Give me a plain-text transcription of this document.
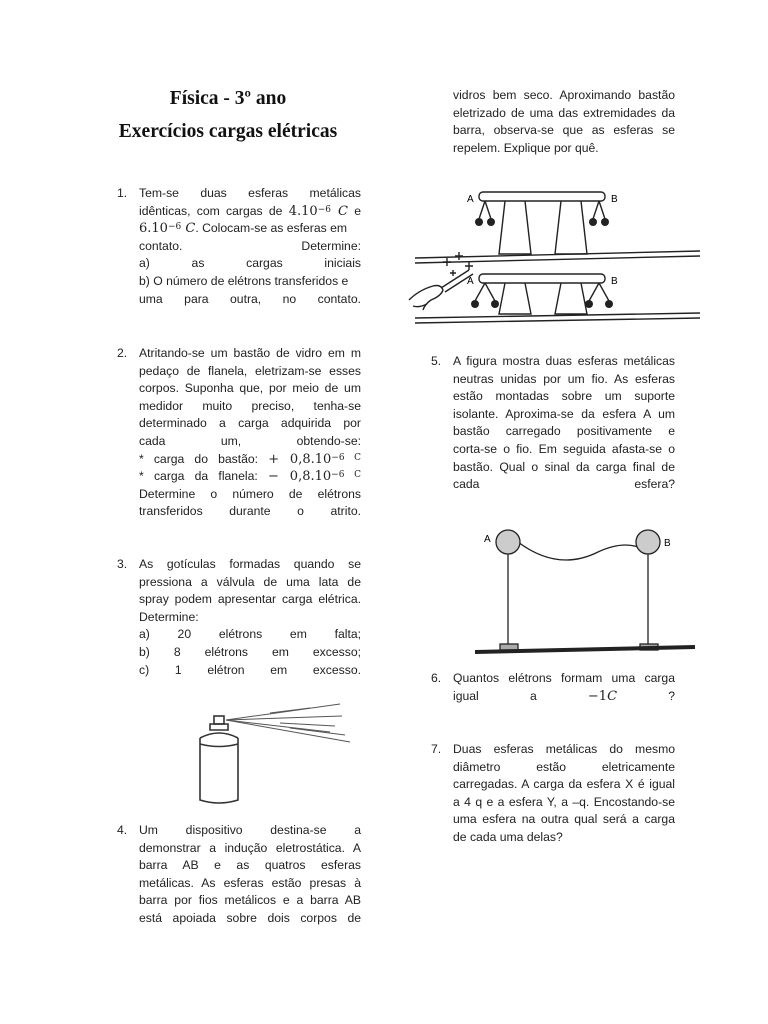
Física - 3º ano
Exercícios cargas elétricas
1. Tem-se duas esferas metálicas
idênticas, com cargas de $4.10^{-6}$ C e
$6.10^{-6}$ C. Colocam-se as esferas em
contato.	Determine:
a) as cargas iniciais
b) O número de elétrons transferidos e
uma para outra, no contato.
2. Atritando-se um bastão de vidro em m
pedaço de flanela, eletrizam-se esses
corpos. Suponha que, por meio de um
medidor muito preciso, tenha-se
determinado a carga adquirida por
cada um, obtendo-se:
* carga do bastão: + $0,8.10^{-6 C}$
* carga da flanela: − $0,8.10^{-6 C}$
Determine o número de elétrons
transferidos durante o atrito.
3. As gotículas formadas quando se
pressiona a válvula de uma lata de
spray podem apresentar carga elétrica.
Determine:
a) 20 elétrons em falta;
b) 8 elétrons em excesso;
c) 1 elétron em excesso.
4. Um dispositivo destina-se a
demonstrar a indução eletrostática. A
barra AB e as quatros esferas
metálicas. As esferas estão presas à
barra por fios metálicos e a barra AB
está apoiada sobre dois corpos de
vidros bem seco. Aproximando bastão
eletrizado de uma das extremidades da
barra, observa-se que as esferas se
repelem. Explique por quê.
A	B
A	B
5. A figura mostra duas esferas metálicas
neutras unidas por um fio. As esferas
estão montadas sobre um suporte
isolante. Aproxima-se da esfera A um
bastão carregado positivamente e
corta-se o fio. Em seguida afasta-se o
bastão. Qual o sinal da carga final de
cada esfera?
A	B
6. Quantos elétrons formam uma carga
igual	a	−1C	?
7. Duas esferas metálicas do mesmo
diâmetro estão eletricamente
carregadas. A carga da esfera X é igual
a 4 q e a esfera Y, a –q. Encostando-se
uma esfera na outra qual será a carga
de cada uma delas?
